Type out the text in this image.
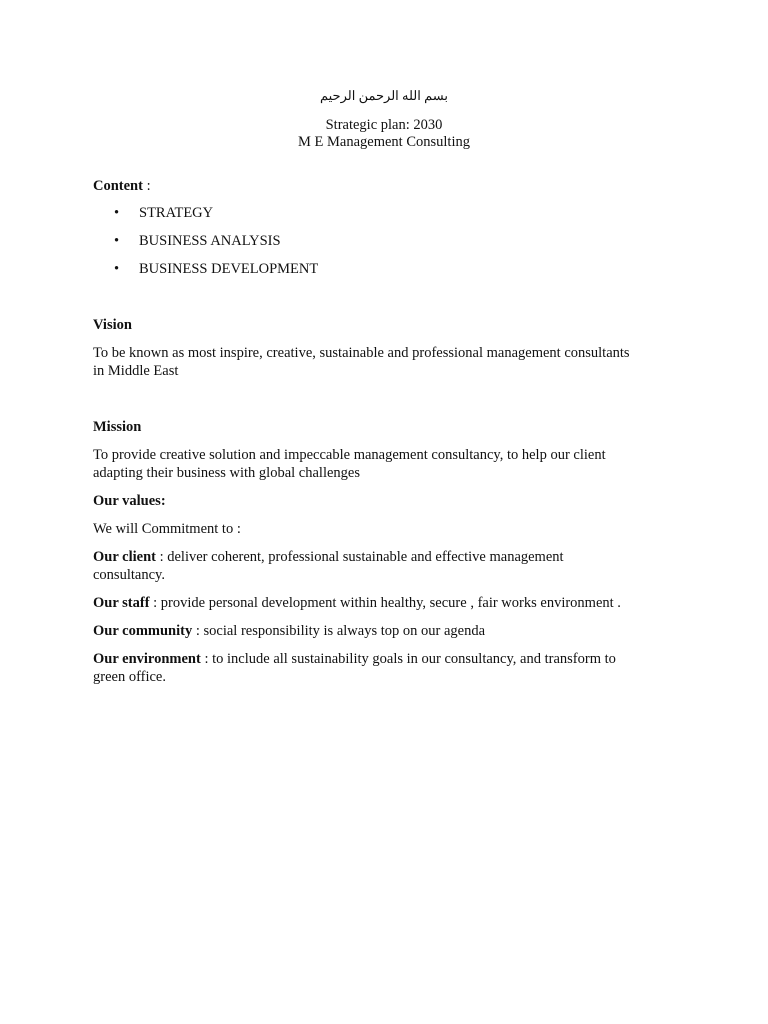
بسم الله الرحمن الرحيم
Strategic plan: 2030
M E Management Consulting
Content :
• STRATEGY
• BUSINESS ANALYSIS
• BUSINESS DEVELOPMENT
Vision
To be known as most inspire, creative, sustainable and professional management consultants
in Middle East
Mission
To provide creative solution and impeccable management consultancy, to help our client
adapting their business with global challenges
Our values:
We will Commitment to :
Our client : deliver coherent, professional sustainable and effective management
consultancy.
Our staff : provide personal development within healthy, secure , fair works environment .
Our community : social responsibility is always top on our agenda
Our environment : to include all sustainability goals in our consultancy, and transform to
green office.
